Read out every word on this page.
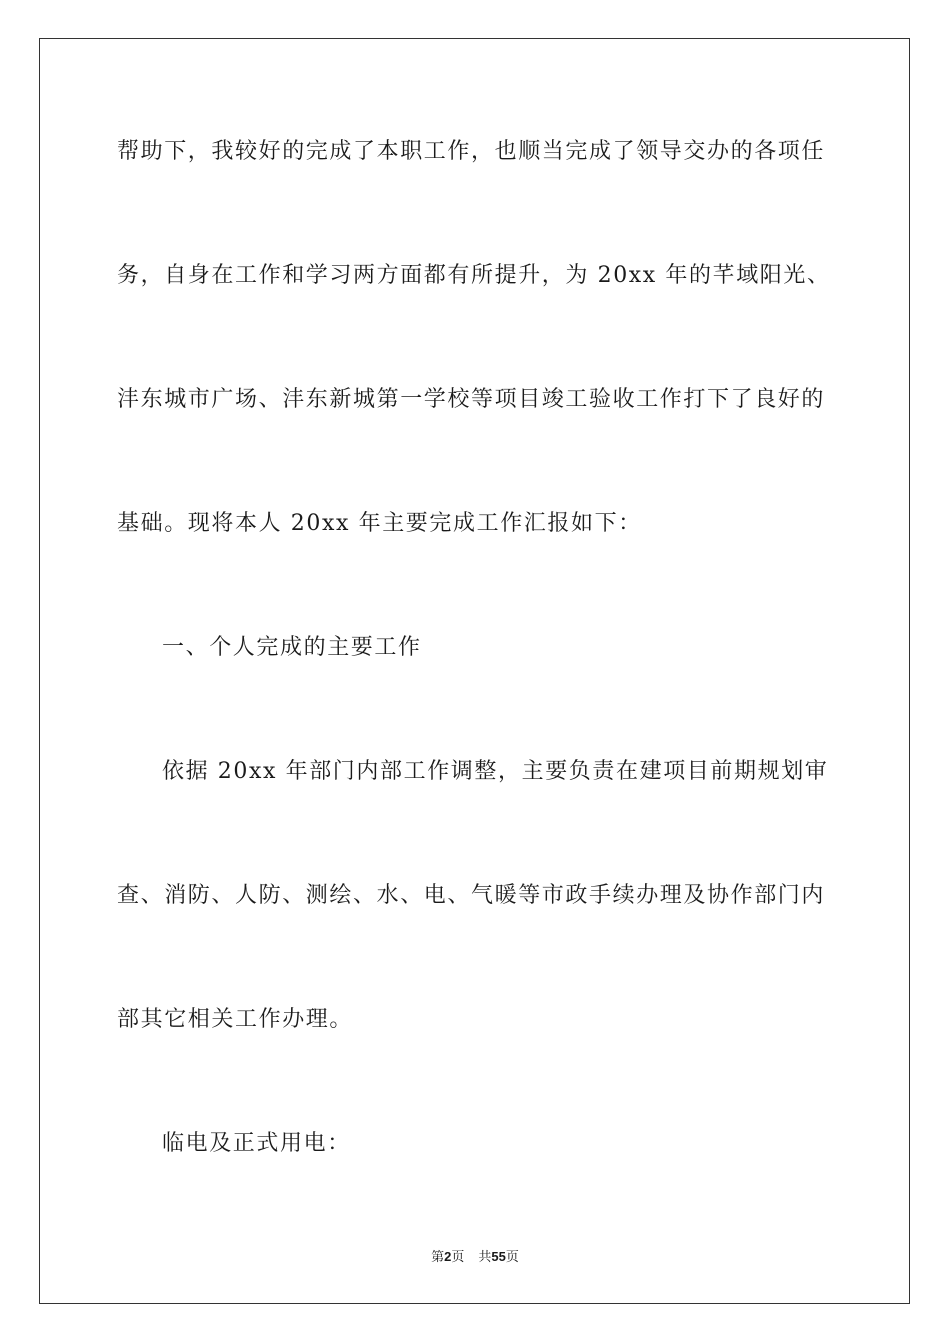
帮助下，我较好的完成了本职工作，也顺当完成了领导交办的各项任
务，自身在工作和学习两方面都有所提升，为 20xx 年的芊域阳光、
沣东城市广场、沣东新城第一学校等项目竣工验收工作打下了良好的
基础。现将本人 20xx 年主要完成工作汇报如下：
一、个人完成的主要工作
依据 20xx 年部门内部工作调整，主要负责在建项目前期规划审
查、消防、人防、测绘、水、电、气暖等市政手续办理及协作部门内
部其它相关工作办理。
临电及正式用电：
第2页 共55页
